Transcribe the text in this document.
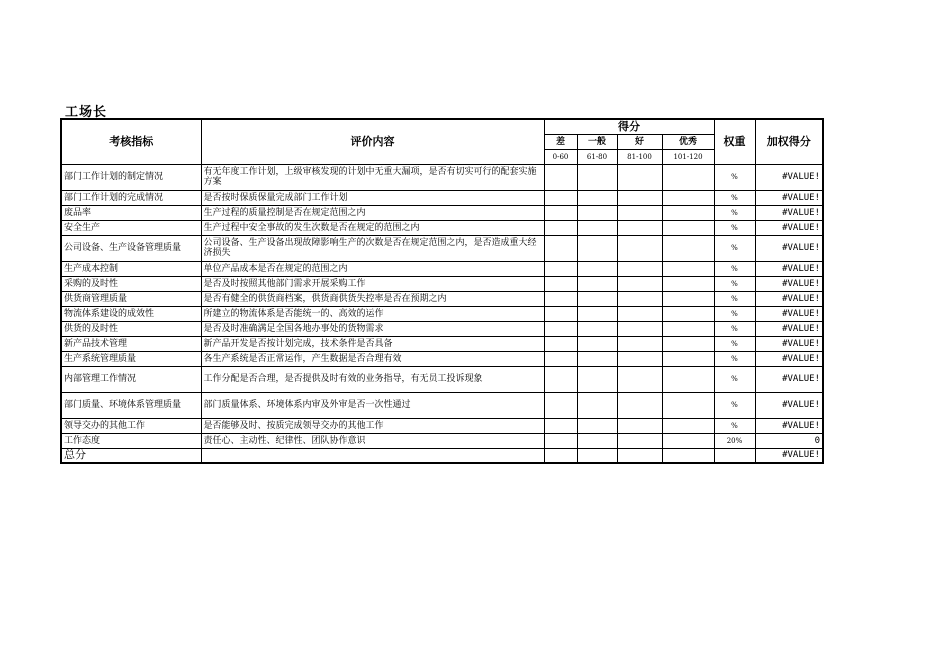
工场长
考核指标	评价内容	得分				权重	加权得分
		差	一般	好	优秀		
		0-60	61-80	81-100	101-120		
部门工作计划的制定情况	有无年度工作计划，上级审核发现的计划中无重大漏项，是否有切实可行的配套实施方案					%	#VALUE!
部门工作计划的完成情况	是否按时保质保量完成部门工作计划					%	#VALUE!
废品率	生产过程的质量控制是否在规定范围之内					%	#VALUE!
安全生产	生产过程中安全事故的发生次数是否在规定的范围之内					%	#VALUE!
公司设备、生产设备管理质量	公司设备、生产设备出现故障影响生产的次数是否在规定范围之内，是否造成重大经济损失					%	#VALUE!
生产成本控制	单位产品成本是否在规定的范围之内					%	#VALUE!
采购的及时性	是否及时按照其他部门需求开展采购工作					%	#VALUE!
供货商管理质量	是否有健全的供货商档案，供货商供货失控率是否在预期之内					%	#VALUE!
物流体系建设的成效性	所建立的物流体系是否能统一的、高效的运作					%	#VALUE!
供货的及时性	是否及时准确满足全国各地办事处的货物需求					%	#VALUE!
新产品技术管理	新产品开发是否按计划完成，技术条件是否具备					%	#VALUE!
生产系统管理质量	各生产系统是否正常运作，产生数据是否合理有效					%	#VALUE!
内部管理工作情况	工作分配是否合理，是否提供及时有效的业务指导，有无员工投诉现象					%	#VALUE!
部门质量、环境体系管理质量	部门质量体系、环境体系内审及外审是否一次性通过					%	#VALUE!
领导交办的其他工作	是否能够及时、按质完成领导交办的其他工作					%	#VALUE!
工作态度	责任心、主动性、纪律性、团队协作意识					20%	0
总分							#VALUE!
